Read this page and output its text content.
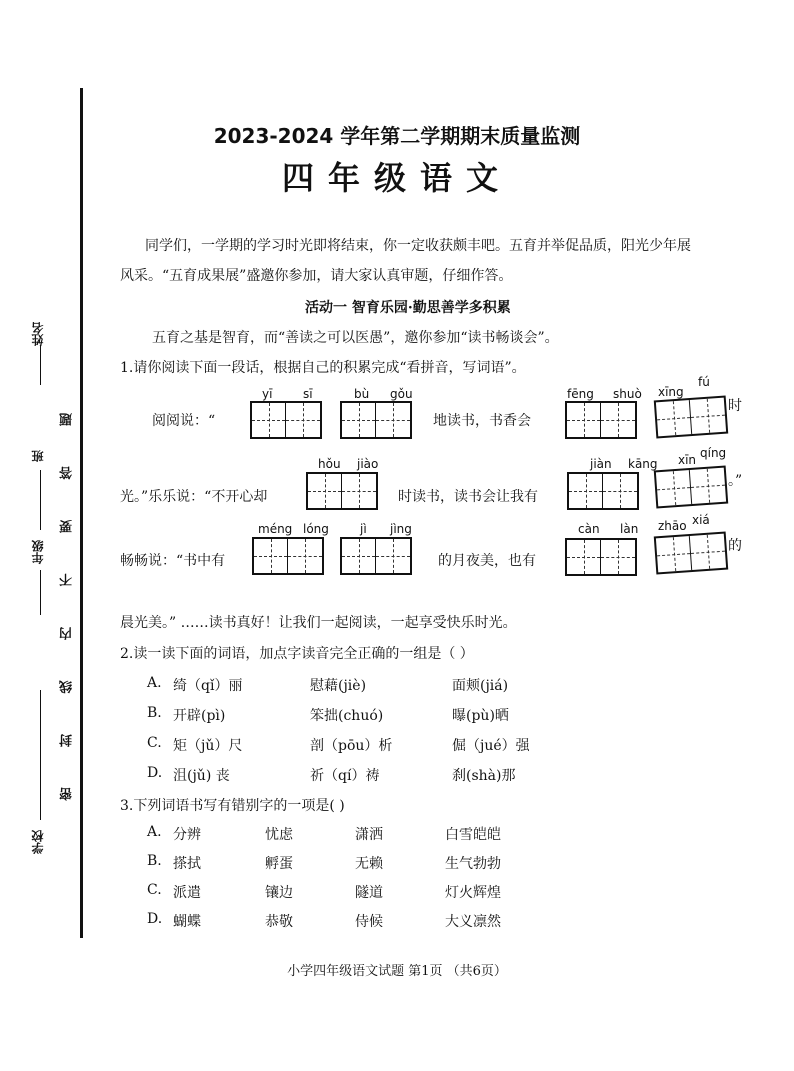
姓名
班
年级
学校
密 封 线 内 不 要 答 题
2023-2024 学年第二学期期末质量监测
四年级语文
同学们，一学期的学习时光即将结束，你一定收获颇丰吧。五育并举促品质，阳光少年展
风采。“五育成果展”盛邀你参加，请大家认真审题，仔细作答。
活动一 智育乐园·勤思善学多积累
五育之基是智育，而“善读之可以医愚”，邀你参加“读书畅谈会”。
1.请你阅读下面一段话，根据自己的积累完成“看拼音，写词语”。
yī	sī	bù gǒu
阅阅说：“	地读书，书香会
fēng shuò xīng
fú
时
hǒu jiào
光。”乐乐说：“不开心却	时读书，读书会让我有
jiàn kāng xīn qíng
。”
méng lóng	jì jìng
畅畅说：“书中有	的月夜美，也有
càn làn zhāo xiá
的
晨光美。” ……读书真好！让我们一起阅读，一起享受快乐时光。
2.读一读下面的词语，加点字读音完全正确的一组是（ ）
A. 绮（qǐ）丽	慰藉(jiè)	面颊(jiá)
B. 开辟(pì)	笨拙(chuó)	曝(pù)晒
C. 矩（jǔ）尺	剖（pōu）析	倔（jué）强
D. 沮(jǔ) 丧	祈（qí）祷	刹(shà)那
3.下列词语书写有错别字的一项是( )
A. 分辨	忧虑	潇洒	白雪皑皑
B. 搽拭	孵蛋	无赖	生气勃勃
C. 派遣	镶边	隧道	灯火辉煌
D. 蝴蝶	恭敬	侍候	大义凛然
小学四年级语文试题 第1页 （共6页）
